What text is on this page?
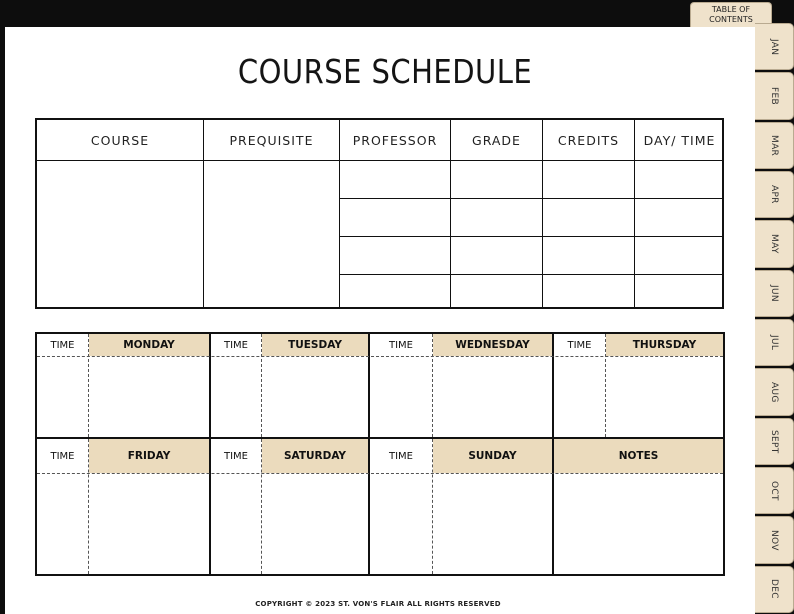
TABLE OF
CONTENTS
JAN
FEB
MAR
APR
MAY
JUN
JUL
AUG
SEPT
OCT
NOV
DEC
COURSE SCHEDULE
COURSE	PREQUISITE	PROFESSOR	GRADE	CREDITS	DAY/ TIME
TIME	MONDAY	TIME	TUESDAY	TIME	WEDNESDAY	TIME	THURSDAY
TIME	FRIDAY	TIME	SATURDAY	TIME	SUNDAY	NOTES
COPYRIGHT © 2023 ST. VON'S FLAIR ALL RIGHTS RESERVED
